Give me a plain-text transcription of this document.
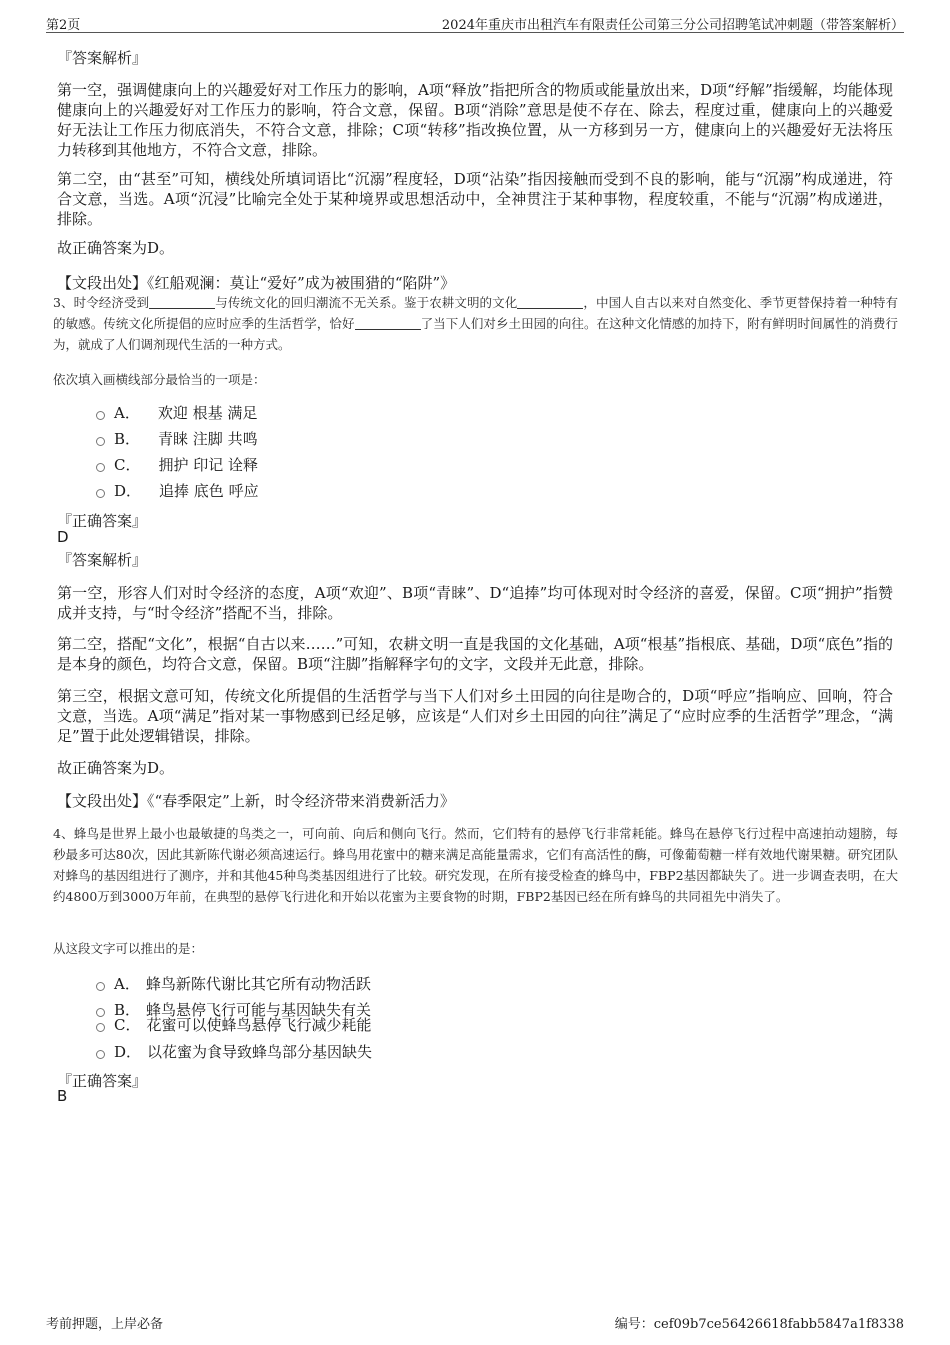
第2页	2024年重庆市出租汽车有限责任公司第三分公司招聘笔试冲刺题（带答案解析）
『答案解析』
第一空，强调健康向上的兴趣爱好对工作压力的影响，A项“释放”指把所含的物质或能量放出来，D项“纾解”指缓解，均能体现健康向上的兴趣爱好对工作压力的影响，符合文意，保留。B项“消除”意思是使不存在、除去，程度过重，健康向上的兴趣爱好无法让工作压力彻底消失，不符合文意，排除；C项“转移”指改换位置，从一方移到另一方，健康向上的兴趣爱好无法将压力转移到其他地方，不符合文意，排除。
第二空，由“甚至”可知，横线处所填词语比“沉溺”程度轻，D项“沾染”指因接触而受到不良的影响，能与“沉溺”构成递进，符合文意，当选。A项“沉浸”比喻完全处于某种境界或思想活动中，全神贯注于某种事物，程度较重，不能与“沉溺”构成递进，排除。
故正确答案为D。
【文段出处】《红船观澜：莫让“爱好”成为被围猎的“陷阱”》
3、时令经济受到	与传统文化的回归潮流不无关系。鉴于农耕文明的文化	，中国人自古以来对自然变化、季节更替保持着一种特有的敏感。传统文化所提倡的应时应季的生活哲学，恰好	了当下人们对乡土田园的向往。在这种文化情感的加持下，附有鲜明时间属性的消费行为，就成了人们调剂现代生活的一种方式。
依次填入画横线部分最恰当的一项是：
A． 欢迎 根基 满足
B． 青睐 注脚 共鸣
C． 拥护 印记 诠释
D． 追捧 底色 呼应
『正确答案』
D
『答案解析』
第一空，形容人们对时令经济的态度，A项“欢迎”、B项“青睐”、D“追捧”均可体现对时令经济的喜爱，保留。C项“拥护”指赞成并支持，与“时令经济”搭配不当，排除。
第二空，搭配“文化”，根据“自古以来……”可知，农耕文明一直是我国的文化基础，A项“根基”指根底、基础，D项“底色”指的是本身的颜色，均符合文意，保留。B项“注脚”指解释字句的文字，文段并无此意，排除。
第三空，根据文意可知，传统文化所提倡的生活哲学与当下人们对乡土田园的向往是吻合的，D项“呼应”指响应、回响，符合文意，当选。A项“满足”指对某一事物感到已经足够，应该是“人们对乡土田园的向往”满足了“应时应季的生活哲学”理念，“满足”置于此处逻辑错误，排除。
故正确答案为D。
【文段出处】《“春季限定”上新，时令经济带来消费新活力》
4、蜂鸟是世界上最小也最敏捷的鸟类之一，可向前、向后和侧向飞行。然而，它们特有的悬停飞行非常耗能。蜂鸟在悬停飞行过程中高速拍动翅膀，每秒最多可达80次，因此其新陈代谢必须高速运行。蜂鸟用花蜜中的糖来满足高能量需求，它们有高活性的酶，可像葡萄糖一样有效地代谢果糖。研究团队对蜂鸟的基因组进行了测序，并和其他45种鸟类基因组进行了比较。研究发现，在所有接受检查的蜂鸟中，FBP2基因都缺失了。进一步调查表明，在大约4800万到3000万年前，在典型的悬停飞行进化和开始以花蜜为主要食物的时期，FBP2基因已经在所有蜂鸟的共同祖先中消失了。
从这段文字可以推出的是：
A． 蜂鸟新陈代谢比其它所有动物活跃
B． 蜂鸟悬停飞行可能与基因缺失有关
C． 花蜜可以使蜂鸟悬停飞行减少耗能
D． 以花蜜为食导致蜂鸟部分基因缺失
『正确答案』
B
考前押题，上岸必备	编号：cef09b7ce56426618fabb5847a1f8338
